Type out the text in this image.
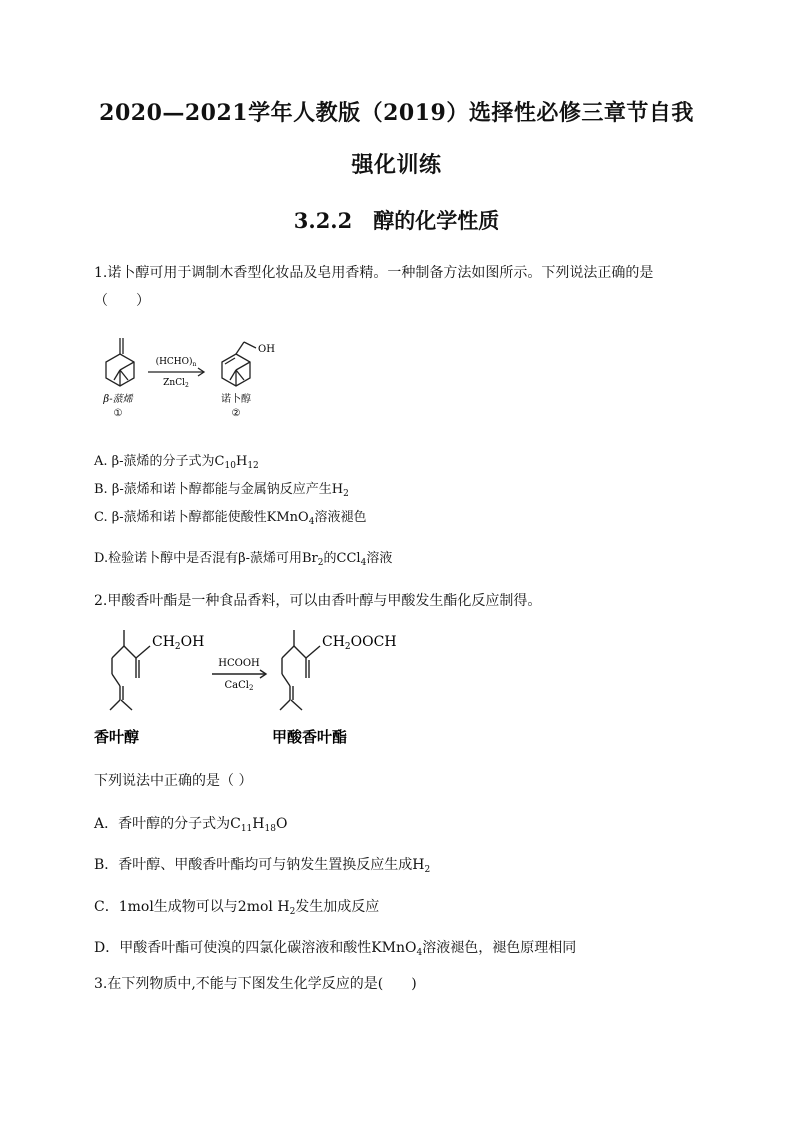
2020—2021学年人教版（2019）选择性必修三章节自我
强化训练
3.2.2　醇的化学性质
1.诺卜醇可用于调制木香型化妆品及皂用香精。一种制备方法如图所示。下列说法正确的是
（　　）
$(HCHO)_n$
ZnCl$_2$
OH
β-蒎烯
①
诺卜醇
②
A. β-蒎烯的分子式为$C_{10}H_{12}$
B. β-蒎烯和诺卜醇都能与金属钠反应产生$H_2$
C. β-蒎烯和诺卜醇都能使酸性KMnO$_4$溶液褪色
D.检验诺卜醇中是否混有β-蒎烯可用$Br_2$的CCl$_4$溶液
2.甲酸香叶酯是一种食品香料，可以由香叶醇与甲酸发生酯化反应制得。
$CH_2OH$	$CH_2OOCH$
HCOOH
CaCl$_2$
香叶醇	甲酸香叶酯
下列说法中正确的是（ ）
A．香叶醇的分子式为$C_{11}H_{18}O$
B．香叶醇、甲酸香叶酯均可与钠发生置换反应生成$H_2$
C．1mol生成物可以与2mol $H_2$发生加成反应
D．甲酸香叶酯可使溴的四氯化碳溶液和酸性KMnO$_4$溶液褪色，褪色原理相同
3.在下列物质中,不能与下图发生化学反应的是(　　)
